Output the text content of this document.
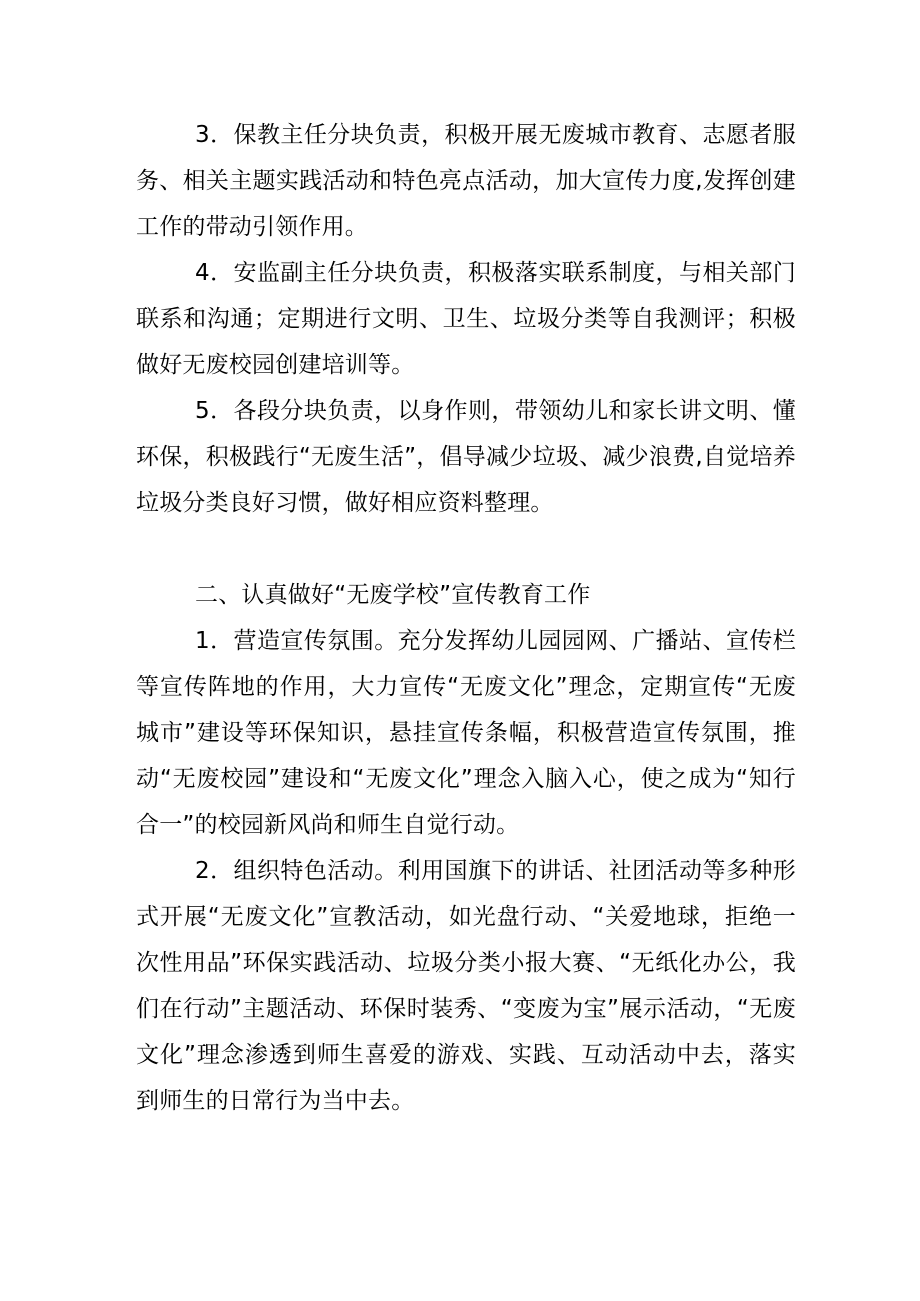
3．保教主任分块负责，积极开展无废城市教育、志愿者服务、相关主题实践活动和特色亮点活动，加大宣传力度,发挥创建工作的带动引领作用。

4．安监副主任分块负责，积极落实联系制度，与相关部门联系和沟通；定期进行文明、卫生、垃圾分类等自我测评；积极做好无废校园创建培训等。

5．各段分块负责，以身作则，带领幼儿和家长讲文明、懂环保，积极践行“无废生活”，倡导减少垃圾、减少浪费,自觉培养垃圾分类良好习惯，做好相应资料整理。

二、认真做好“无废学校”宣传教育工作

1．营造宣传氛围。充分发挥幼儿园园网、广播站、宣传栏等宣传阵地的作用，大力宣传“无废文化”理念，定期宣传“无废城市”建设等环保知识，悬挂宣传条幅，积极营造宣传氛围，推动“无废校园”建设和“无废文化”理念入脑入心，使之成为“知行合一”的校园新风尚和师生自觉行动。

2．组织特色活动。利用国旗下的讲话、社团活动等多种形式开展“无废文化”宣教活动，如光盘行动、“关爱地球，拒绝一次性用品”环保实践活动、垃圾分类小报大赛、“无纸化办公，我们在行动”主题活动、环保时装秀、“变废为宝”展示活动，“无废文化”理念渗透到师生喜爱的游戏、实践、互动活动中去，落实到师生的日常行为当中去。
